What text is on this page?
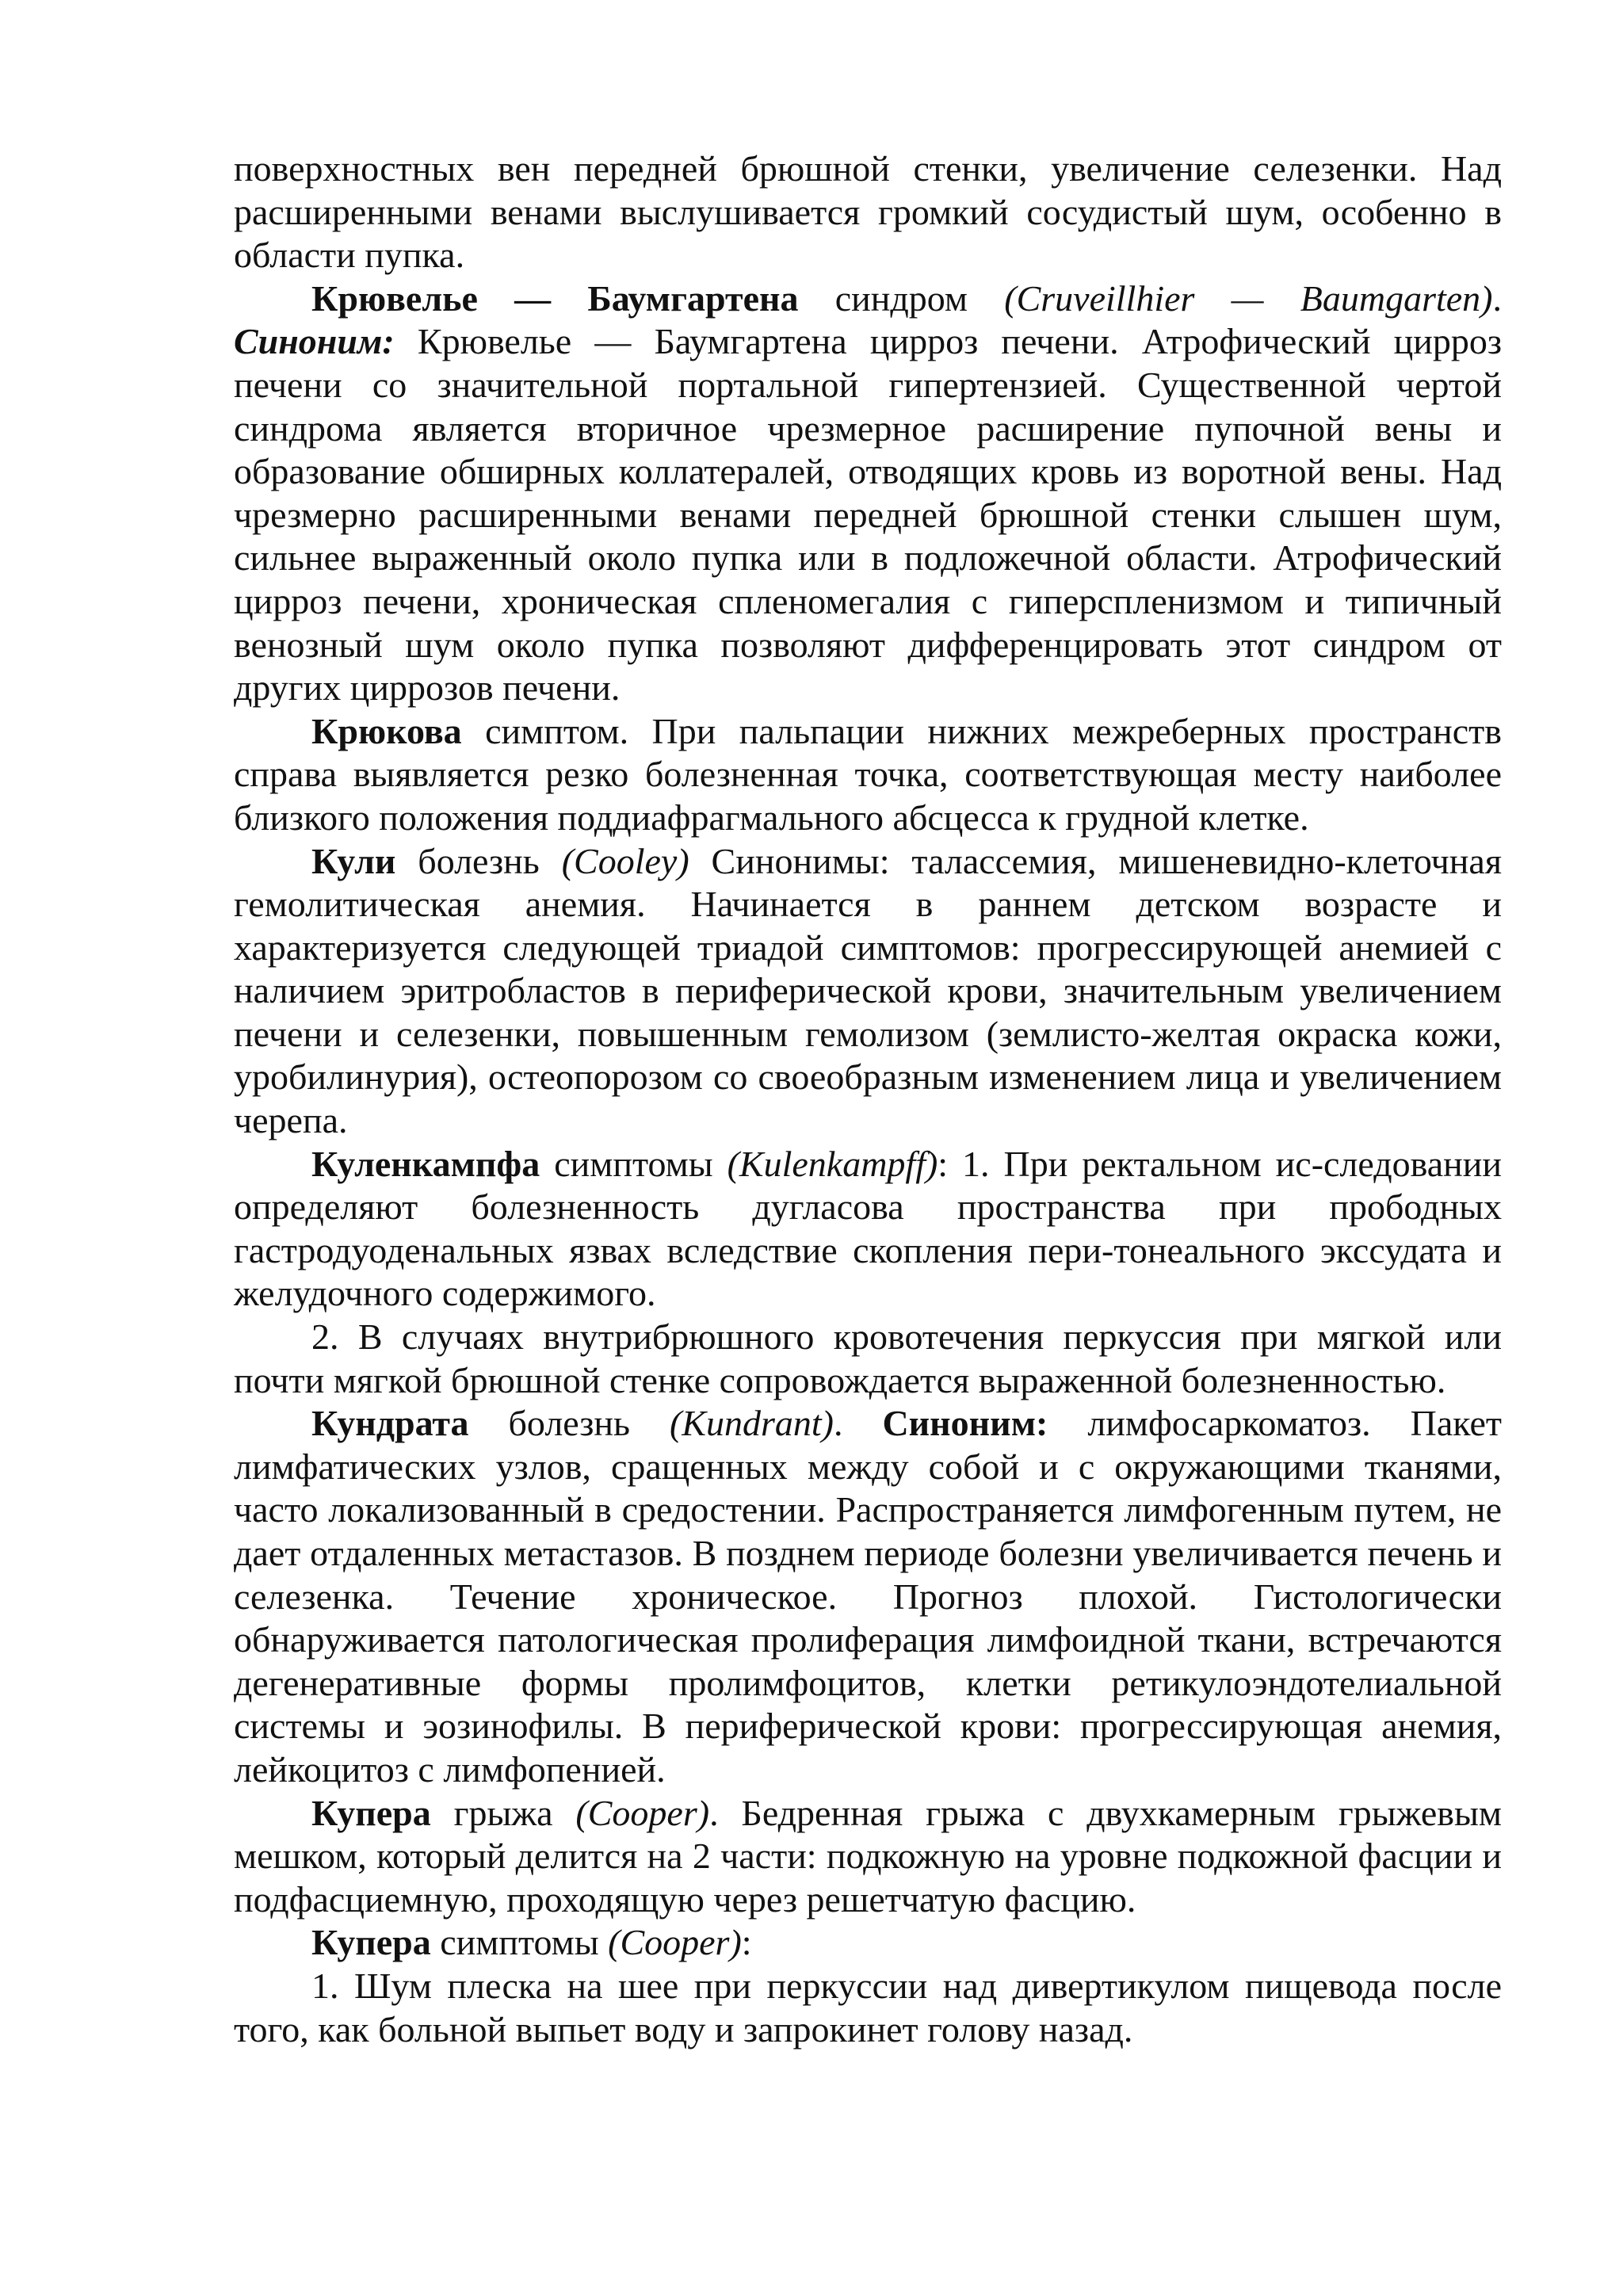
поверхностных вен передней брюшной стенки, увеличение селезенки. Над расширенными венами выслушивается громкий сосудистый шум, особенно в области пупка.

Крювелье — Баумгартена синдром (Cruveillhier — Baumgarten). Синоним: Крювелье — Баумгартена цирроз печени. Атрофический цирроз печени со значительной портальной гипертензией. Существенной чертой синдрома является вторичное чрезмерное расширение пупочной вены и образование обширных коллатералей, отводящих кровь из воротной вены. Над чрезмерно расширенными венами передней брюшной стенки слышен шум, сильнее выраженный около пупка или в подложечной области. Атрофический цирроз печени, хроническая спленомегалия с гиперспленизмом и типичный венозный шум около пупка позволяют дифференцировать этот синдром от других циррозов печени.

Крюкова симптом. При пальпации нижних межреберных пространств справа выявляется резко болезненная точка, соответствующая месту наиболее близкого положения поддиафрагмального абсцесса к грудной клетке.

Кули болезнь (Cooley) Синонимы: талассемия, мишеневидно-клеточная гемолитическая анемия. Начинается в раннем детском возрасте и характеризуется следующей триадой симптомов: прогрессирующей анемией с наличием эритробластов в периферической крови, значительным увеличением печени и селезенки, повышенным гемолизом (землисто-желтая окраска кожи, уробилинурия), остеопорозом со своеобразным изменением лица и увеличением черепа.

Куленкампфа симптомы (Kulenkampff): 1. При ректальном ис-следовании определяют болезненность дугласова пространства при прободных гастродуоденальных язвах вследствие скопления пери-тонеального экссудата и желудочного содержимого.

2. В случаях внутрибрюшного кровотечения перкуссия при мягкой или почти мягкой брюшной стенке сопровождается выраженной болезненностью.

Кундрата болезнь (Kundrant). Синоним: лимфосаркоматоз. Пакет лимфатических узлов, сращенных между собой и с окружающими тканями, часто локализованный в средостении. Распространяется лимфогенным путем, не дает отдаленных метастазов. В позднем периоде болезни увеличивается печень и селезенка. Течение хроническое. Прогноз плохой. Гистологически обнаруживается патологическая пролиферация лимфоидной ткани, встречаются дегенеративные формы пролимфоцитов, клетки ретикулоэндотелиальной системы и эозинофилы. В периферической крови: прогрессирующая анемия, лейкоцитоз с лимфопенией.

Купера грыжа (Cooper). Бедренная грыжа с двухкамерным грыжевым мешком, который делится на 2 части: подкожную на уровне подкожной фасции и подфасциемную, проходящую через решетчатую фасцию.

Купера симптомы (Cooper):

1. Шум плеска на шее при перкуссии над дивертикулом пищевода после того, как больной выпьет воду и запрокинет голову назад.
